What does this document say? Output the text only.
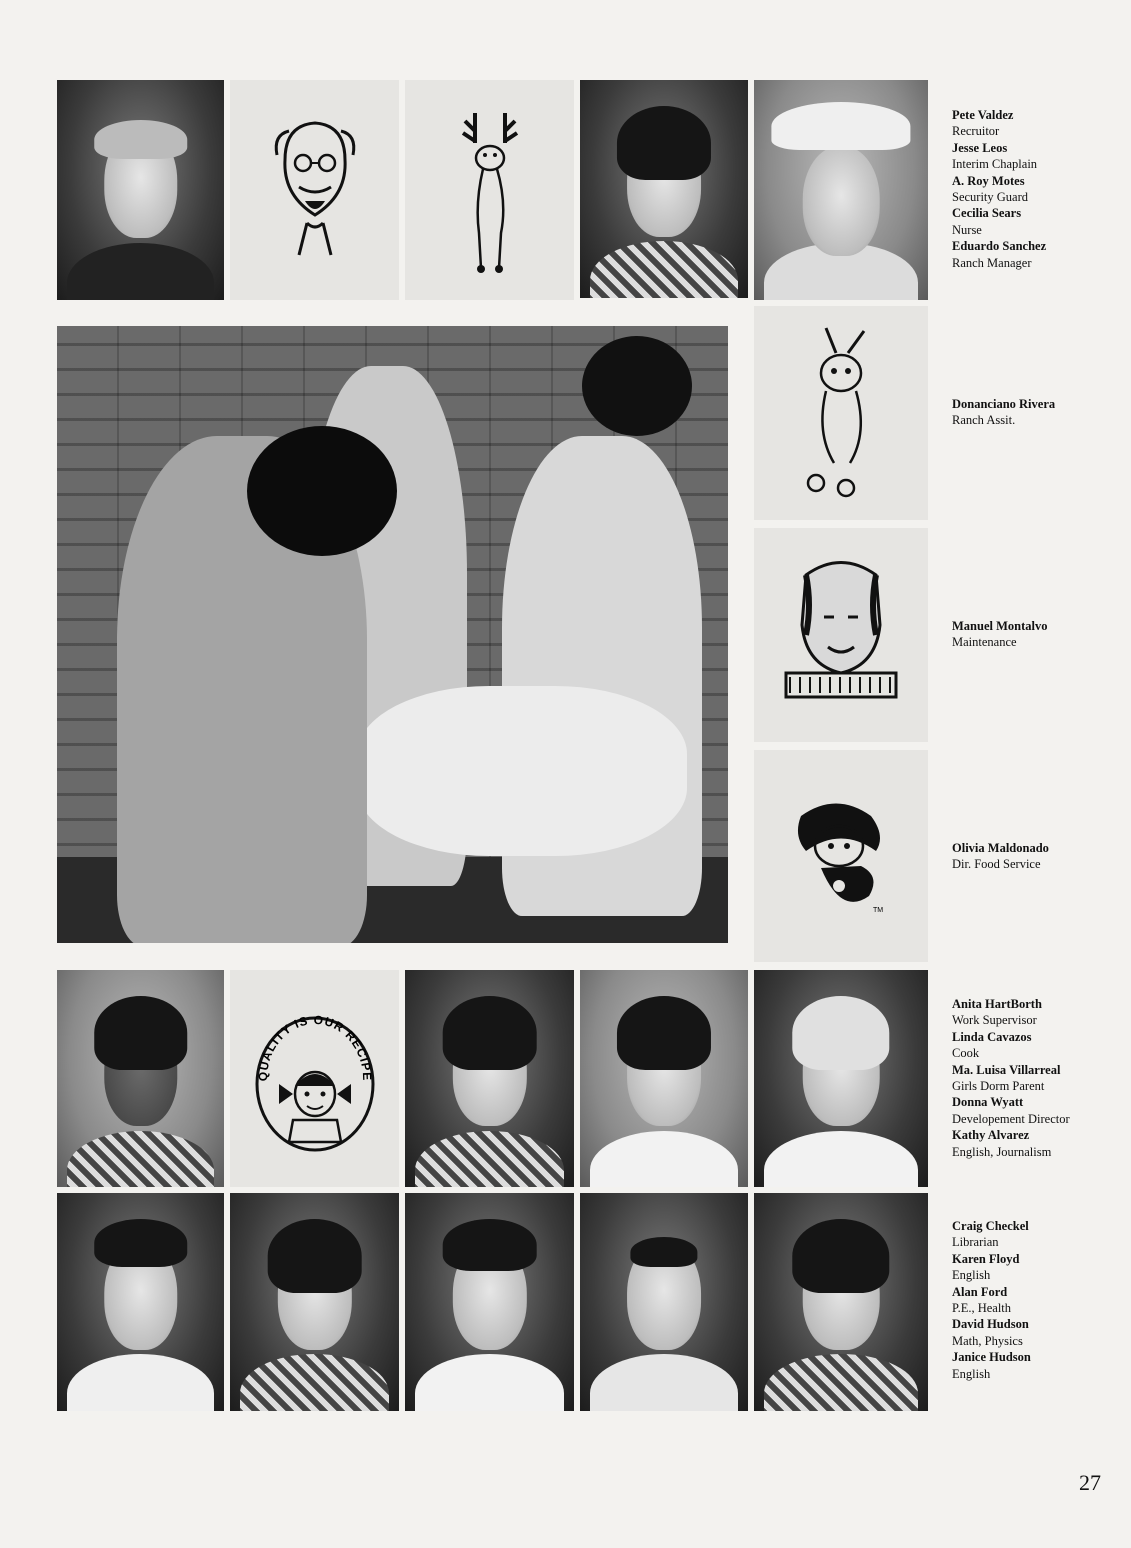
Pete Valdez
Recruitor
Jesse Leos
Interim Chaplain
A. Roy Motes
Security Guard
Cecilia Sears
Nurse
Eduardo Sanchez
Ranch Manager
Donanciano Rivera
Ranch Assit.
Manuel Montalvo
Maintenance
TM
Olivia Maldonado
Dir. Food Service
QUALITY IS OUR RECIPE
Anita HartBorth
Work Supervisor
Linda Cavazos
Cook
Ma. Luisa Villarreal
Girls Dorm Parent
Donna Wyatt
Developement Director
Kathy Alvarez
English, Journalism
Craig Checkel
Librarian
Karen Floyd
English
Alan Ford
P.E., Health
David Hudson
Math, Physics
Janice Hudson
English
27
